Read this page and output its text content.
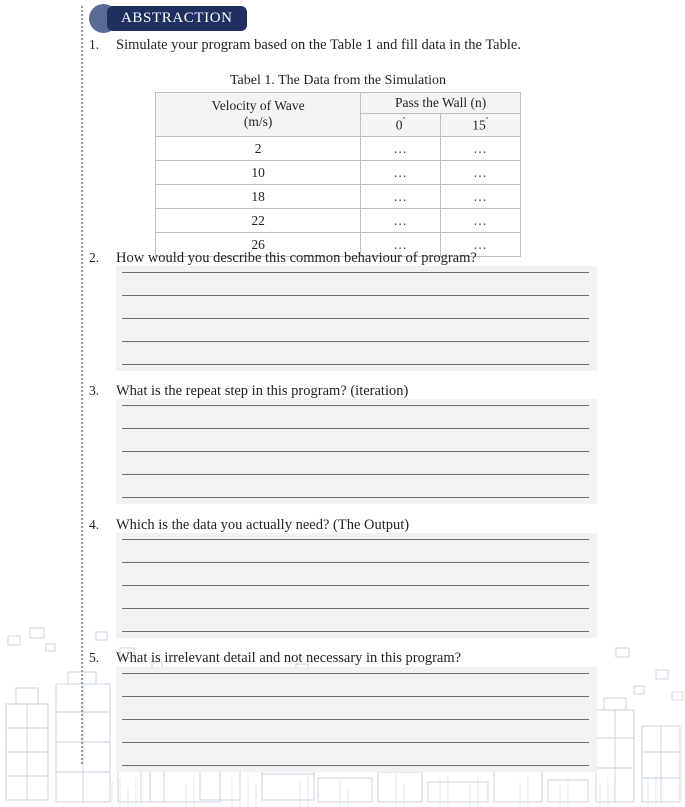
ABSTRACTION
1.	Simulate your program based on the Table 1 and fill data in the Table.
Tabel 1. The Data from the Simulation
Velocity of Wave
(m/s)	Pass the Wall (n)	
	0˚	15˚
2	…	…
10	…	…
18	…	…
22	…	…
26	…	…
2.	How would you describe this common behaviour of program?
3.	What is the repeat step in this program? (iteration)
4.	Which is the data you actually need? (The Output)
5.	What is irrelevant detail and not necessary in this program?
